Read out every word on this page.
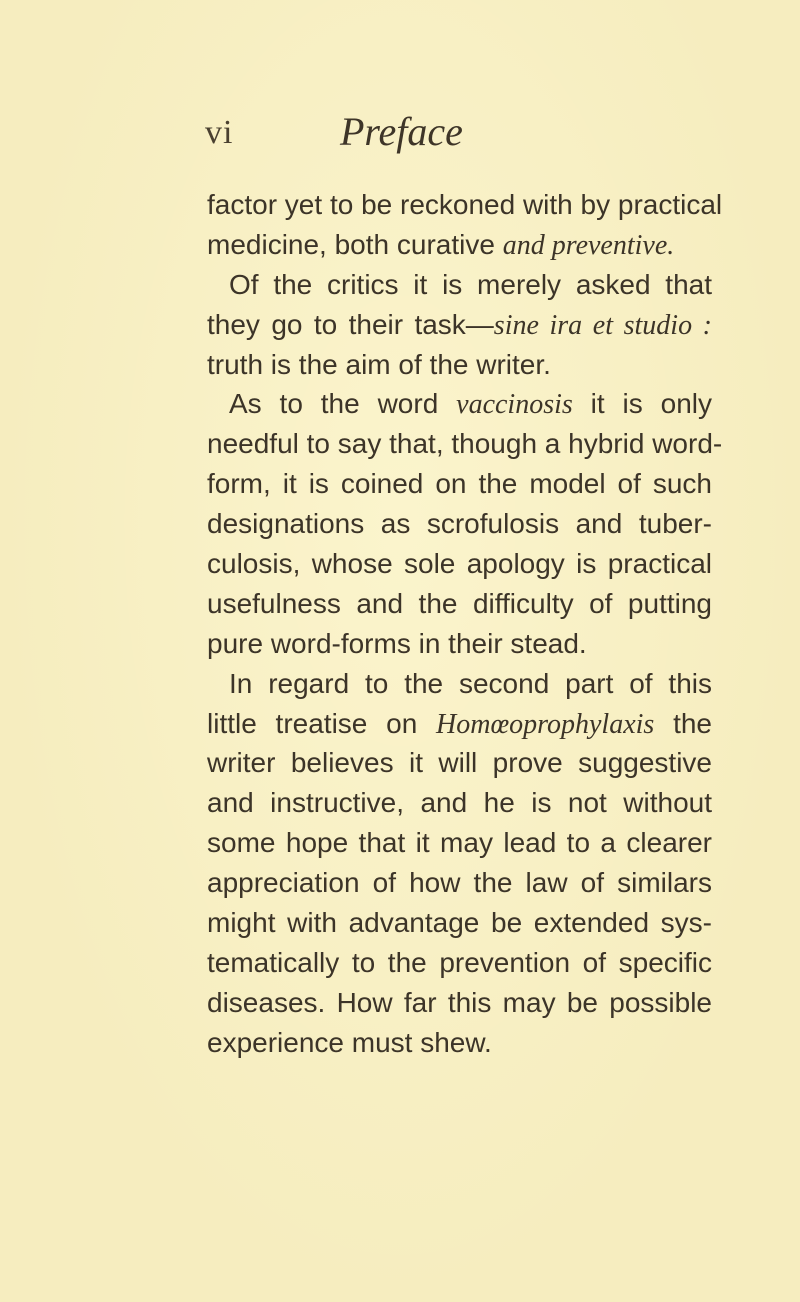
vi	Preface
factor yet to be reckoned with by practical
medicine, both curative and preventive.
Of the critics it is merely asked that
they go to their task—sine ira et studio :
truth is the aim of the writer.
As to the word vaccinosis it is only
needful to say that, though a hybrid word-
form, it is coined on the model of such
designations as scrofulosis and tuber-
culosis, whose sole apology is practical
usefulness and the difficulty of putting
pure word-forms in their stead.
In regard to the second part of this
little treatise on Homœoprophylaxis the
writer believes it will prove suggestive
and instructive, and he is not without
some hope that it may lead to a clearer
appreciation of how the law of similars
might with advantage be extended sys-
tematically to the prevention of specific
diseases. How far this may be possible
experience must shew.
